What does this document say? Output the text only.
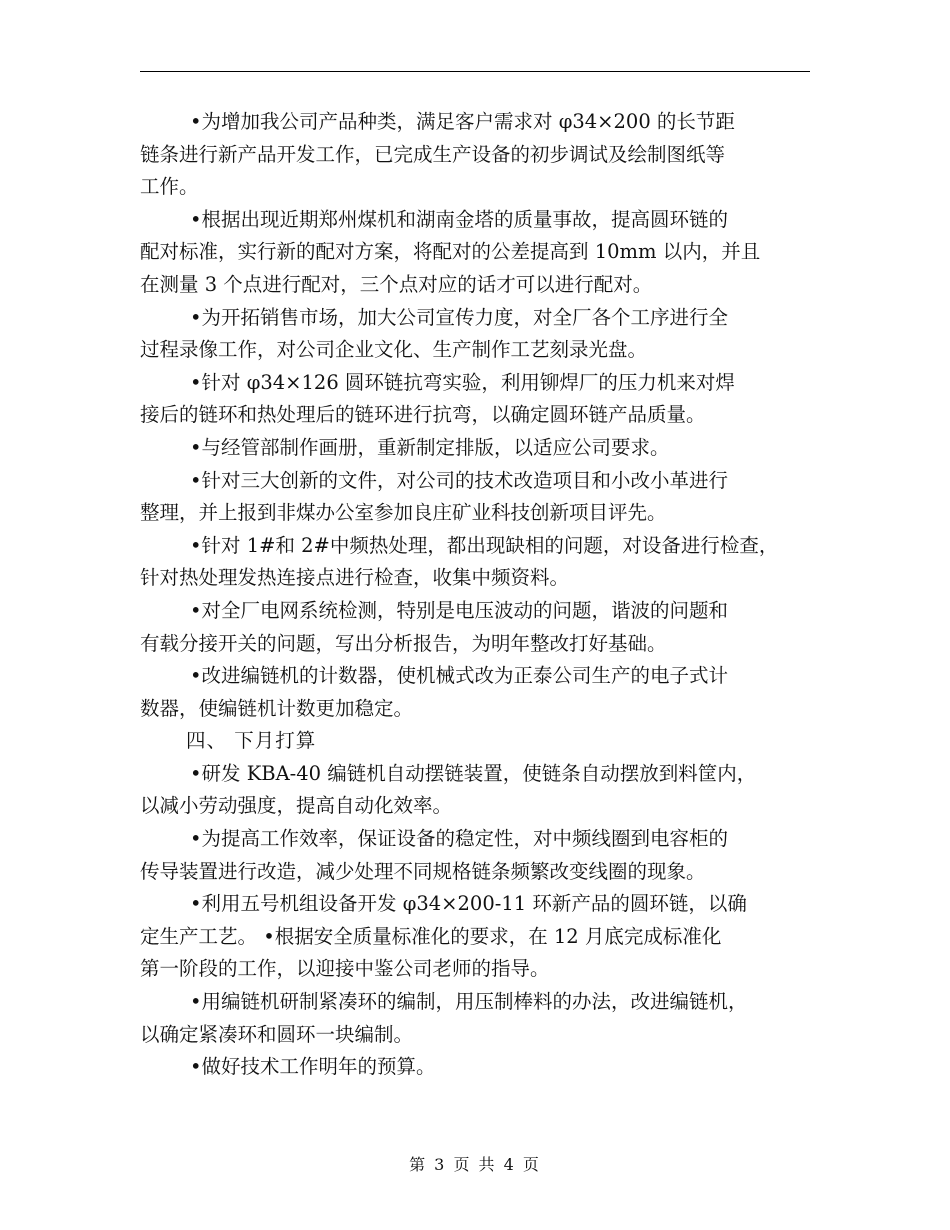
•为增加我公司产品种类，满足客户需求对 φ34×200 的长节距
链条进行新产品开发工作，已完成生产设备的初步调试及绘制图纸等
工作。
•根据出现近期郑州煤机和湖南金塔的质量事故，提高圆环链的
配对标准，实行新的配对方案，将配对的公差提高到 10mm 以内，并且
在测量 3 个点进行配对，三个点对应的话才可以进行配对。
•为开拓销售市场，加大公司宣传力度，对全厂各个工序进行全
过程录像工作，对公司企业文化、生产制作工艺刻录光盘。
•针对 φ34×126 圆环链抗弯实验，利用铆焊厂的压力机来对焊
接后的链环和热处理后的链环进行抗弯，以确定圆环链产品质量。
•与经管部制作画册，重新制定排版，以适应公司要求。
•针对三大创新的文件，对公司的技术改造项目和小改小革进行
整理，并上报到非煤办公室参加良庄矿业科技创新项目评先。
•针对 1#和 2#中频热处理，都出现缺相的问题，对设备进行检查，
针对热处理发热连接点进行检查，收集中频资料。
•对全厂电网系统检测，特别是电压波动的问题，谐波的问题和
有载分接开关的问题，写出分析报告，为明年整改打好基础。
•改进编链机的计数器，使机械式改为正泰公司生产的电子式计
数器，使编链机计数更加稳定。
四、 下月打算
•研发 KBA-40 编链机自动摆链装置，使链条自动摆放到料筐内，
以减小劳动强度，提高自动化效率。
•为提高工作效率，保证设备的稳定性，对中频线圈到电容柜的
传导装置进行改造，减少处理不同规格链条频繁改变线圈的现象。
•利用五号机组设备开发 φ34×200-11 环新产品的圆环链，以确
定生产工艺。 •根据安全质量标准化的要求，在 12 月底完成标准化
第一阶段的工作，以迎接中鉴公司老师的指导。
•用编链机研制紧凑环的编制，用压制棒料的办法，改进编链机，
以确定紧凑环和圆环一块编制。
•做好技术工作明年的预算。
第 3 页 共 4 页
